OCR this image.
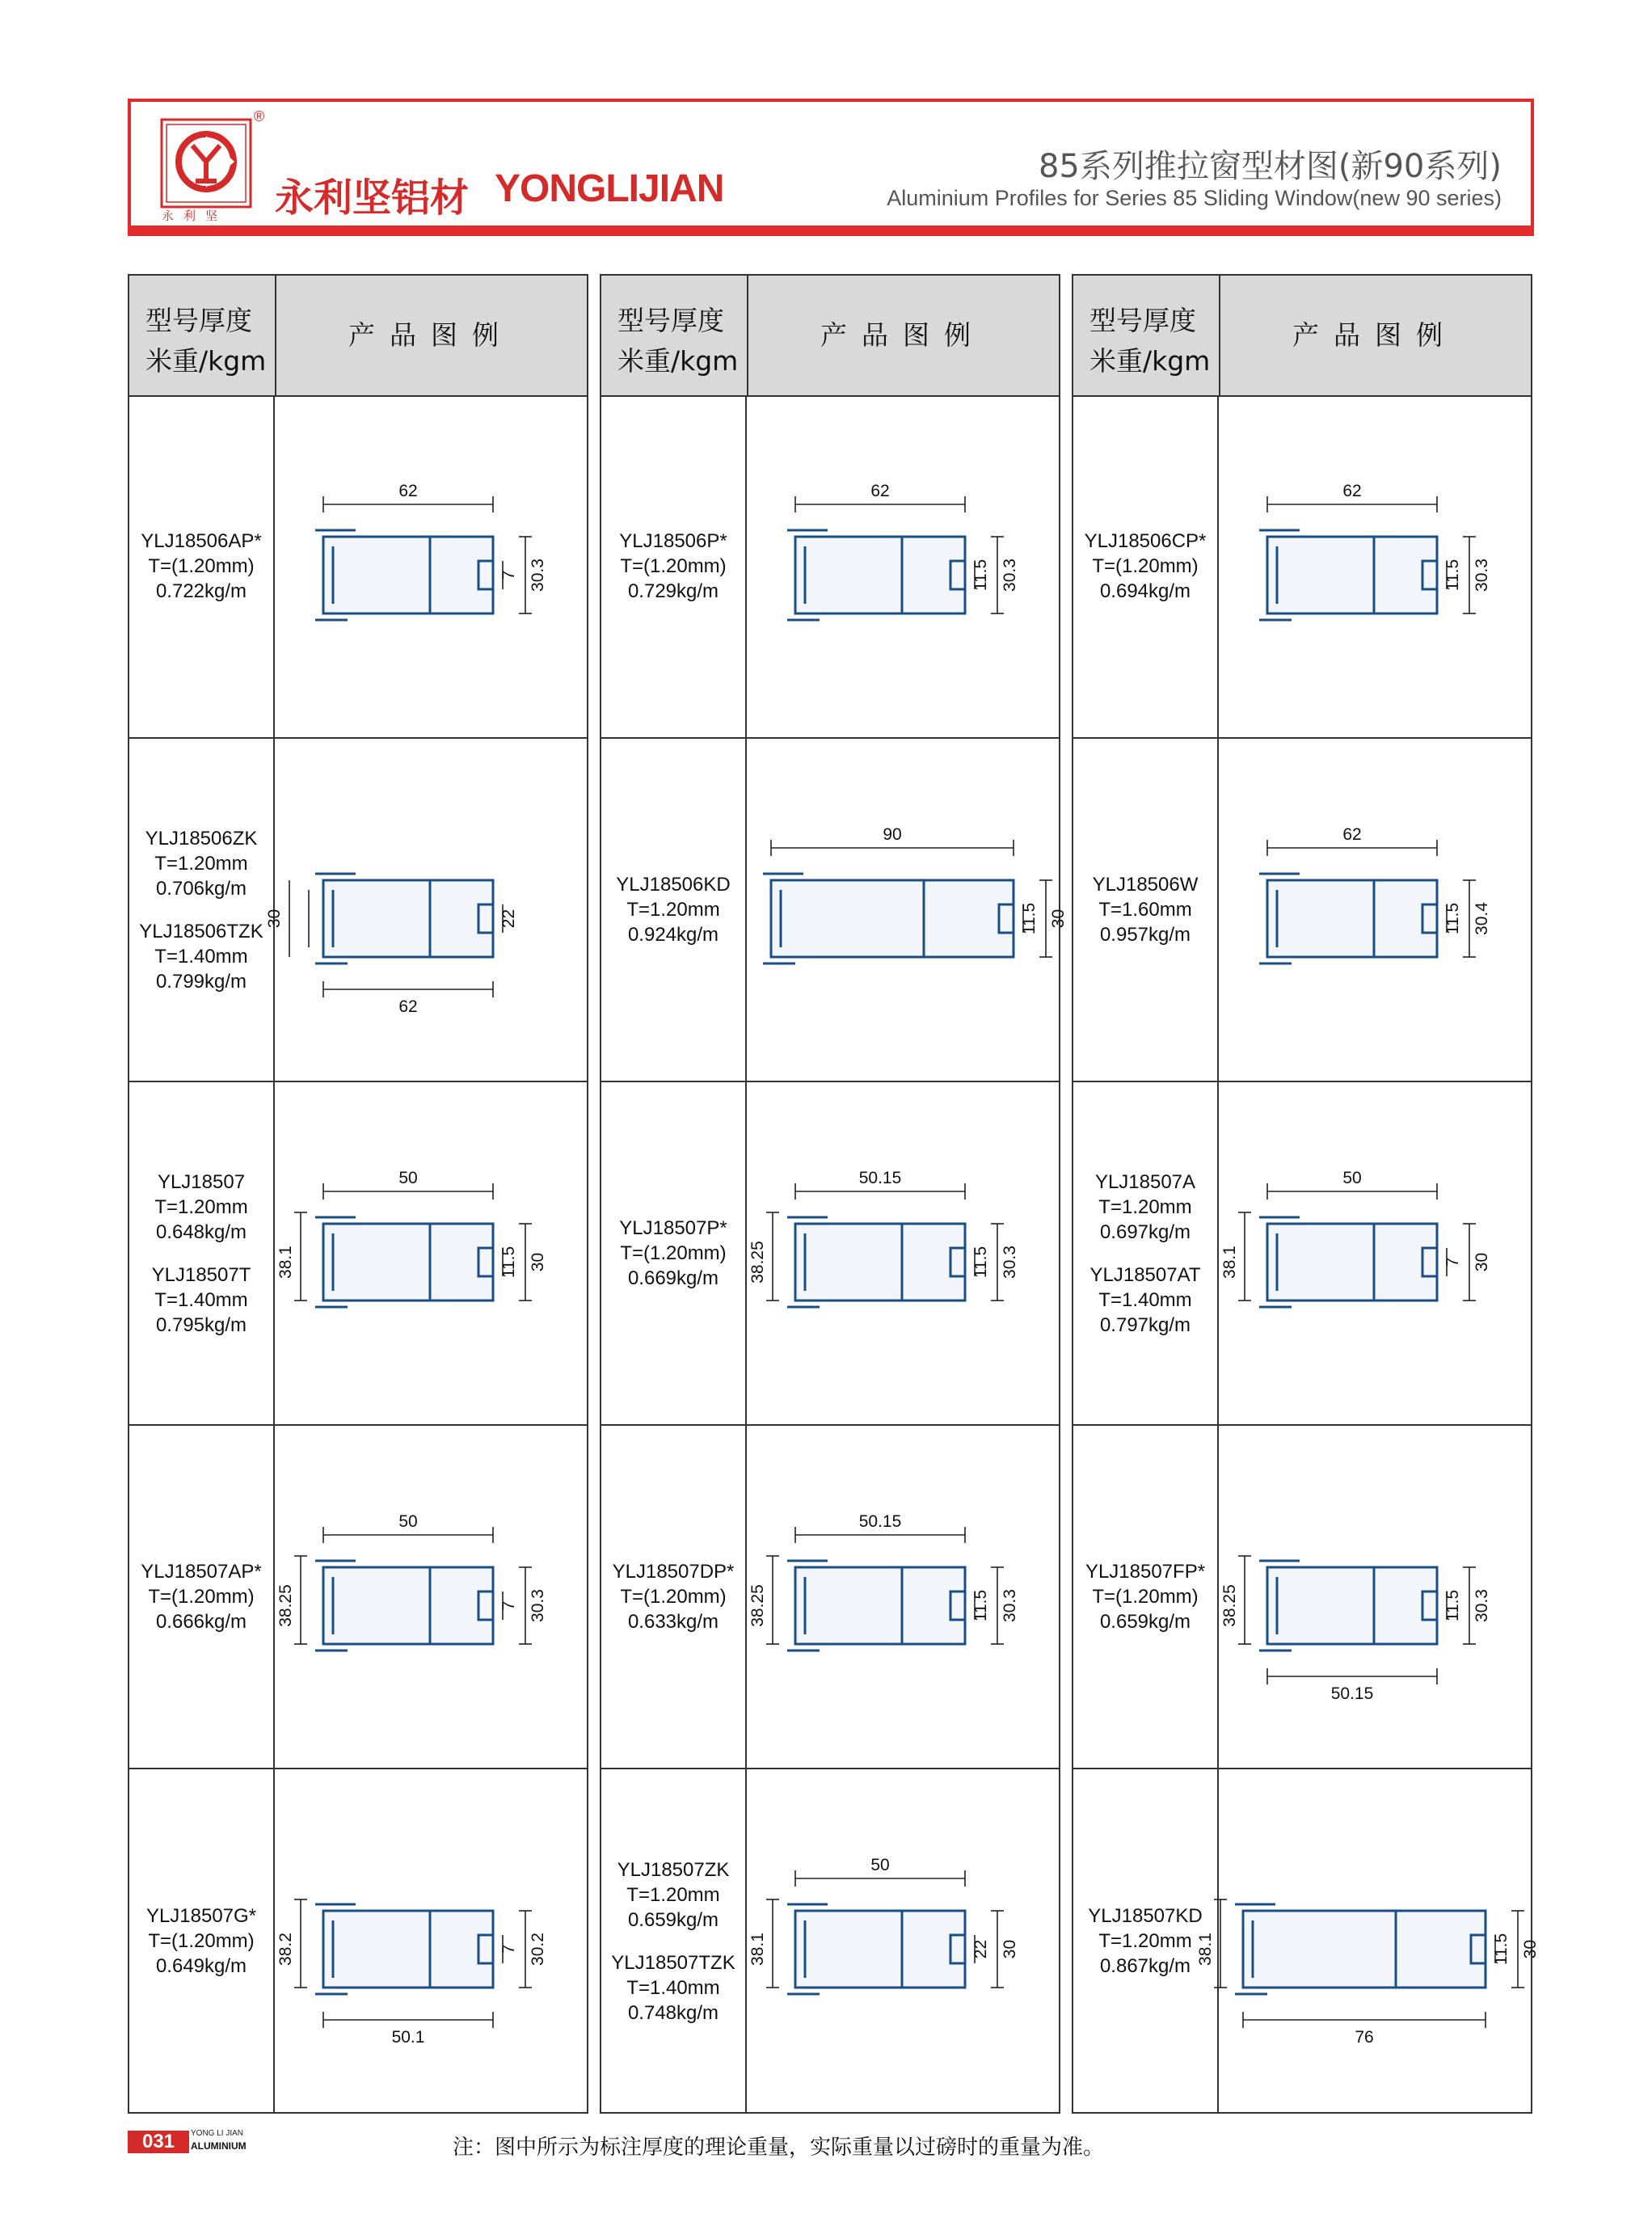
®
永利坚 永利坚铝材 YONGLIJIAN
85系列推拉窗型材图(新90系列)
Aluminium Profiles for Series 85 Sliding Window(new 90 series)
型号厚度
米重/kgm
产品图例
YLJ18506AP*
T=(1.20mm)
0.722kg/m
62
30.3
7
YLJ18506ZK
T=1.20mm
0.706kg/m
YLJ18506TZK
T=1.40mm
0.799kg/m
62
22
30
YLJ18507
T=1.20mm
0.648kg/m
YLJ18507T
T=1.40mm
0.795kg/m
50
30
11.5
38.1
YLJ18507AP*
T=(1.20mm)
0.666kg/m
50
30.3
7
38.25
YLJ18507G*
T=(1.20mm)
0.649kg/m
50.1
30.2
7
38.2
型号厚度
米重/kgm
产品图例
YLJ18506P*
T=(1.20mm)
0.729kg/m
62
30.3
11.5
YLJ18506KD
T=1.20mm
0.924kg/m
90
30
11.5
YLJ18507P*
T=(1.20mm)
0.669kg/m
50.15
30.3
11.5
38.25
YLJ18507DP*
T=(1.20mm)
0.633kg/m
50.15
30.3
11.5
38.25
YLJ18507ZK
T=1.20mm
0.659kg/m
YLJ18507TZK
T=1.40mm
0.748kg/m
50
30
22
38.1
型号厚度
米重/kgm
产品图例
YLJ18506CP*
T=(1.20mm)
0.694kg/m
62
30.3
11.5
YLJ18506W
T=1.60mm
0.957kg/m
62
30.4
11.5
YLJ18507A
T=1.20mm
0.697kg/m
YLJ18507AT
T=1.40mm
0.797kg/m
50
30
7
38.1
YLJ18507FP*
T=(1.20mm)
0.659kg/m
50.15
30.3
11.5
38.25
YLJ18507KD
T=1.20mm
0.867kg/m
76
30
11.5
38.1
031	YONG LI JIAN
ALUMINIUM	注：图中所示为标注厚度的理论重量，实际重量以过磅时的重量为准。
